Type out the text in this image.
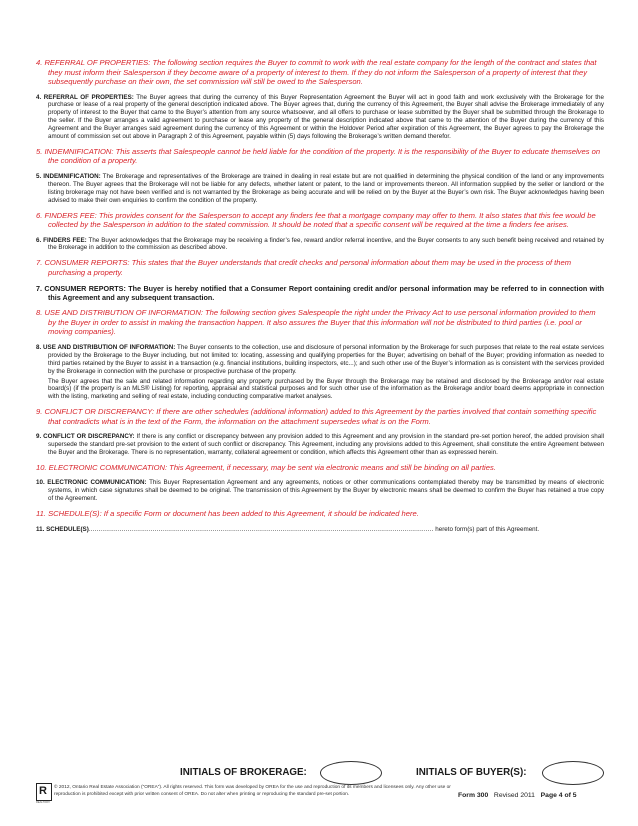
4. REFERRAL OF PROPERTIES: The following section requires the Buyer to commit to work with the real estate company for the length of the contract and states that they must inform their Salesperson if they become aware of a property of interest to them. If they do not inform the Salesperson of a property of interest that they subsequently purchase on their own, the set commission will still be owed to the Salesperson.

4. REFERRAL OF PROPERTIES: The Buyer agrees that during the currency of this Buyer Representation Agreement the Buyer will act in good faith and work exclusively with the Brokerage for the purchase or lease of a real property of the general description indicated above. The Buyer agrees that, during the currency of this Agreement, the Buyer shall advise the Brokerage immediately of any property of interest to the Buyer that came to the Buyer’s attention from any source whatsoever, and all offers to purchase or lease submitted by the Buyer shall be submitted through the Brokerage to the seller. If the Buyer arranges a valid agreement to purchase or lease any property of the general description indicated above that came to the attention of the Buyer during the currency of this Agreement and the Buyer arranges said agreement during the currency of this Agreement or within the Holdover Period after expiration of this Agreement, the Buyer agrees to pay the Brokerage the amount of commission set out above in Paragraph 2 of this Agreement, payable within (5) days following the Brokerage’s written demand therefor.

5. INDEMNIFICATION: This asserts that Salespeople cannot be held liable for the condition of the property. It is the responsibility of the Buyer to educate themselves on the condition of a property.

5. INDEMNIFICATION: The Brokerage and representatives of the Brokerage are trained in dealing in real estate but are not qualified in determining the physical condition of the land or any improvements thereon. The Buyer agrees that the Brokerage will not be liable for any defects, whether latent or patent, to the land or improvements thereon. All information supplied by the seller or landlord or the listing brokerage may not have been verified and is not warranted by the Brokerage as being accurate and will be relied on by the Buyer at the Buyer’s own risk. The Buyer acknowledges having been advised to make their own enquiries to confirm the condition of the property.

6. FINDERS FEE: This provides consent for the Salesperson to accept any finders fee that a mortgage company may offer to them. It also states that this fee would be collected by the Salesperson in addition to the stated commission. It should be noted that a specific consent will be required at the time a finders fee arises.

6. FINDERS FEE: The Buyer acknowledges that the Brokerage may be receiving a finder’s fee, reward and/or referral incentive, and the Buyer consents to any such benefit being received and retained by the Brokerage in addition to the commission as described above.

7. CONSUMER REPORTS: This states that the Buyer understands that credit checks and personal information about them may be used in the process of them purchasing a property.

7. CONSUMER REPORTS: The Buyer is hereby notified that a Consumer Report containing credit and/or personal information may be referred to in connection with this Agreement and any subsequent transaction.

8. USE AND DISTRIBUTION OF INFORMATION: The following section gives Salespeople the right under the Privacy Act to use personal information provided to them by the Buyer in order to assist in making the transaction happen. It also assures the Buyer that this information will not be distributed to third parties (i.e. pool or moving companies).

8. USE AND DISTRIBUTION OF INFORMATION: The Buyer consents to the collection, use and disclosure of personal information by the Brokerage for such purposes that relate to the real estate services provided by the Brokerage to the Buyer including, but not limited to: locating, assessing and qualifying properties for the Buyer; advertising on behalf of the Buyer; providing information as needed to third parties retained by the Buyer to assist in a transaction (e.g. financial institutions, building inspectors, etc...); and such other use of the Buyer’s information as is consistent with the services provided by the Brokerage in connection with the purchase or prospective purchase of the property.
The Buyer agrees that the sale and related information regarding any property purchased by the Buyer through the Brokerage may be retained and disclosed by the Brokerage and/or real estate board(s) (if the property is an MLS® Listing) for reporting, appraisal and statistical purposes and for such other use of the information as the Brokerage and/or board deems appropriate in connection with the listing, marketing and selling of real estate, including conducting comparative market analyses.

9. CONFLICT OR DISCREPANCY: If there are other schedules (additional information) added to this Agreement by the parties involved that contain something specific that contradicts what is in the text of the Form, the information on the attachment supersedes what is on the Form.

9. CONFLICT OR DISCREPANCY: If there is any conflict or discrepancy between any provision added to this Agreement and any provision in the standard pre-set portion hereof, the added provision shall supersede the standard pre-set provision to the extent of such conflict or discrepancy. This Agreement, including any provisions added to this Agreement, shall constitute the entire Agreement between the Buyer and the Brokerage. There is no representation, warranty, collateral agreement or condition, which affects this Agreement other than as expressed herein.

10. ELECTRONIC COMMUNICATION: This Agreement, if necessary, may be sent via electronic means and still be binding on all parties.

10. ELECTRONIC COMMUNICATION: This Buyer Representation Agreement and any agreements, notices or other communications contemplated thereby may be transmitted by means of electronic systems, in which case signatures shall be deemed to be original. The transmission of this Agreement by the Buyer by electronic means shall be deemed to confirm the Buyer has retained a true copy of the Agreement.

11. SCHEDULE(S): If a specific Form or document has been added to this Agreement, it should be indicated here.

11. SCHEDULE(S).................................................................................................................................................................................. hereto form(s) part of this Agreement.

INITIALS OF BROKERAGE:	INITIALS OF BUYER(S):
R
REALTOR®
© 2012, Ontario Real Estate Association (“OREA”). All rights reserved. This form was developed by OREA for the use and reproduction of its members and licensees only. Any other use or reproduction is prohibited except with prior written consent of OREA. Do not alter when printing or reproducing the standard pre-set portion.	Form 300 Revised 2011 Page 4 of 5
